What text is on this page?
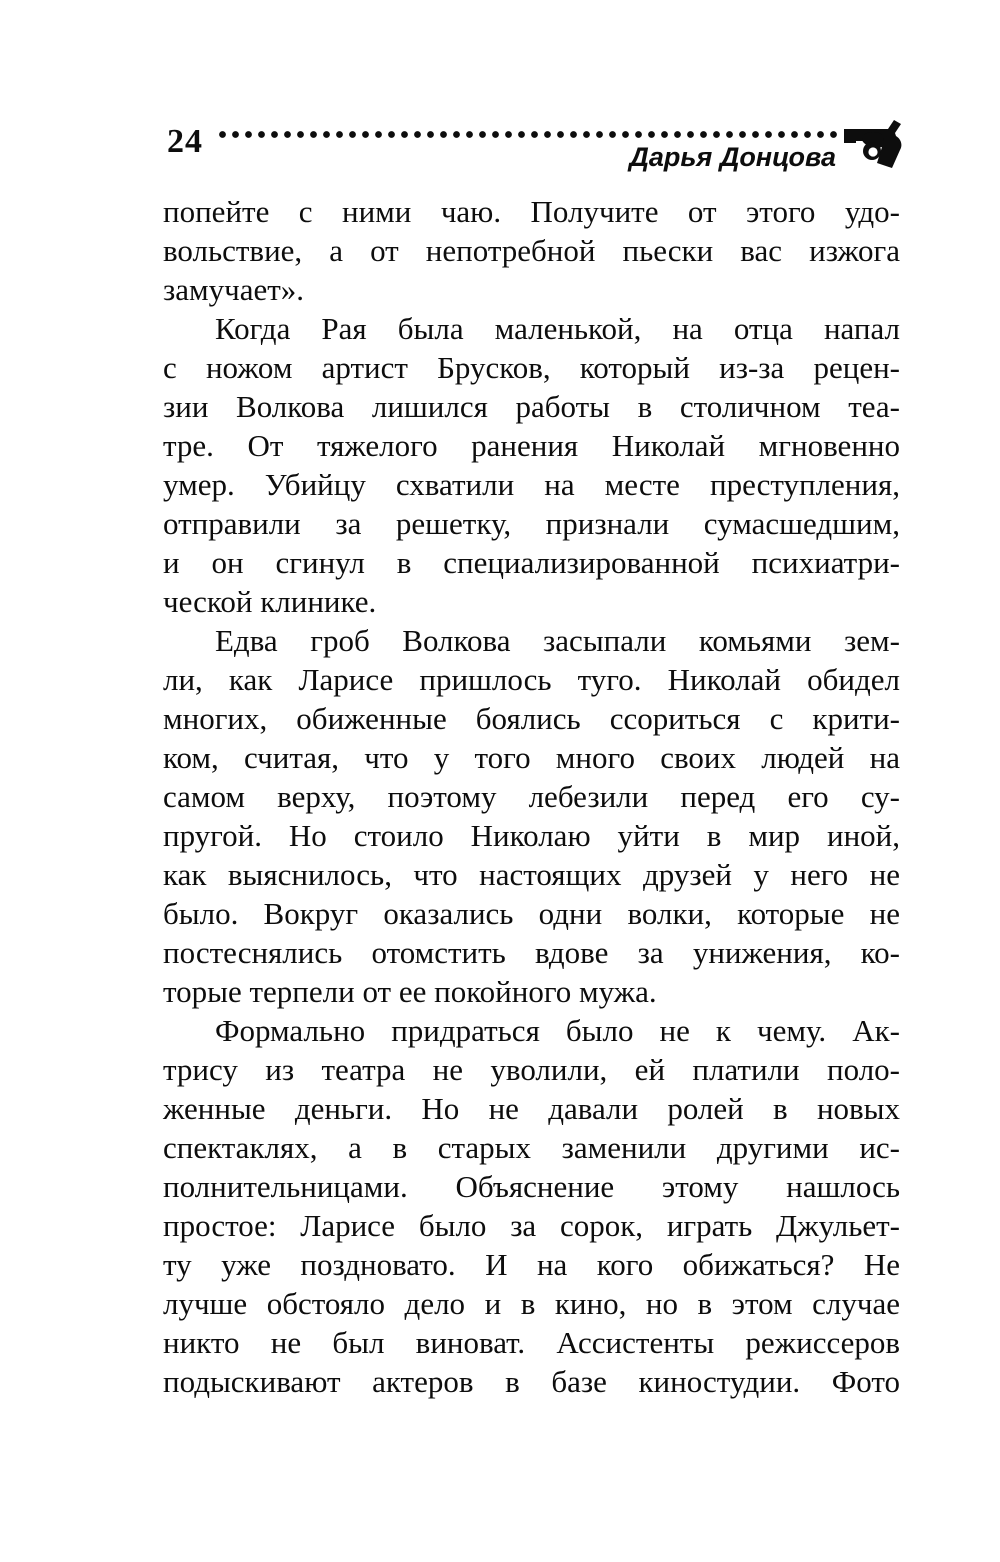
24	Дарья Донцова
попейте с ними чаю. Получите от этого удо-
вольствие, а от непотребной пьески вас изжога
замучает».
Когда Рая была маленькой, на отца напал
с ножом артист Брусков, который из-за рецен-
зии Волкова лишился работы в столичном теа-
тре. От тяжелого ранения Николай мгновенно
умер. Убийцу схватили на месте преступления,
отправили за решетку, признали сумасшедшим,
и он сгинул в специализированной психиатри-
ческой клинике.
Едва гроб Волкова засыпали комьями зем-
ли, как Ларисе пришлось туго. Николай обидел
многих, обиженные боялись ссориться с крити-
ком, считая, что у того много своих людей на
самом верху, поэтому лебезили перед его су-
пругой. Но стоило Николаю уйти в мир иной,
как выяснилось, что настоящих друзей у него не
было. Вокруг оказались одни волки, которые не
постеснялись отомстить вдове за унижения, ко-
торые терпели от ее покойного мужа.
Формально придраться было не к чему. Ак-
трису из театра не уволили, ей платили поло-
женные деньги. Но не давали ролей в новых
спектаклях, а в старых заменили другими ис-
полнительницами. Объяснение этому нашлось
простое: Ларисе было за сорок, играть Джульет-
ту уже поздновато. И на кого обижаться? Не
лучше обстояло дело и в кино, но в этом случае
никто не был виноват. Ассистенты режиссеров
подыскивают актеров в базе киностудии. Фото
